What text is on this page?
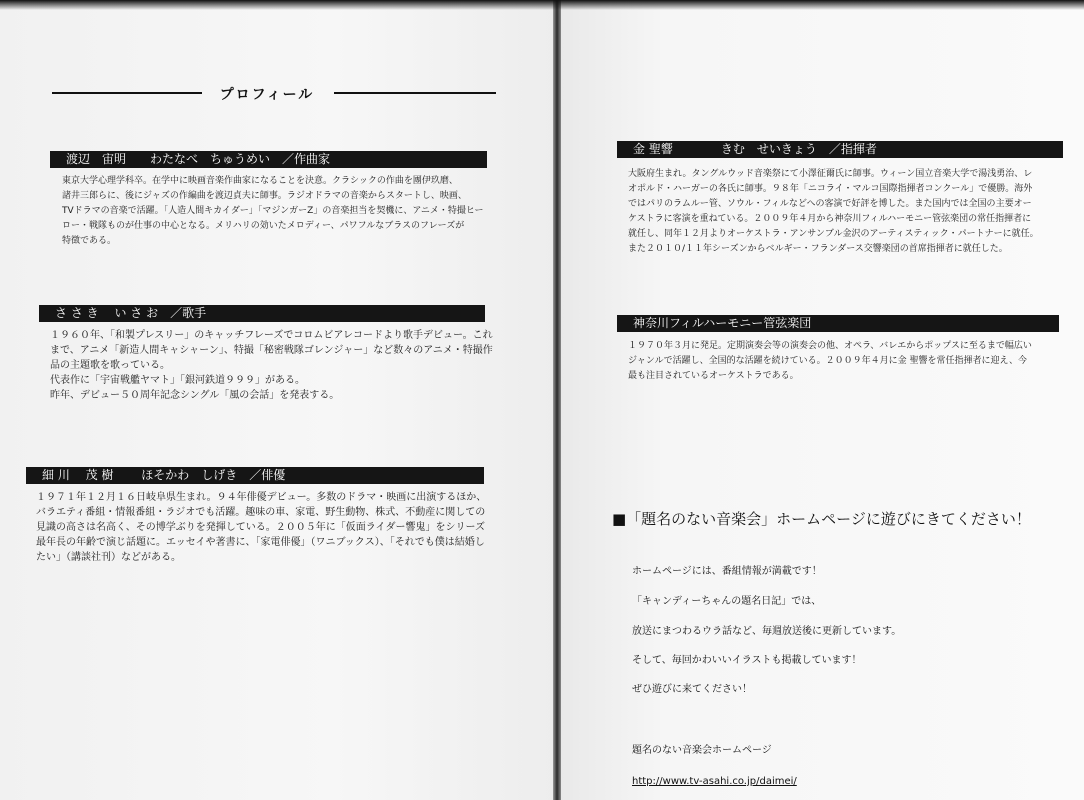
プロフィール
渡辺　宙明　　わたなべ　ちゅうめい　／作曲家
東京大学心理学科卒。在学中に映画音楽作曲家になることを決意。クラシックの作曲を團伊玖磨、
諸井三郎らに、後にジャズの作編曲を渡辺貞夫に師事。ラジオドラマの音楽からスタートし、映画、
TVドラマの音楽で活躍。「人造人間キカイダー」「マジンガーZ」の音楽担当を契機に、アニメ・特撮ヒー
ロー・戦隊ものが仕事の中心となる。メリハリの効いたメロディー、パワフルなブラスのフレーズが
特徴である。
さ さ き　 い さ お　／歌手
１９６０年、「和製プレスリー」のキャッチフレーズでコロムビアレコードより歌手デビュー。これ
まで、アニメ「新造人間キャシャーン」、特撮「秘密戦隊ゴレンジャー」など数々のアニメ・特撮作
品の主題歌を歌っている。
代表作に「宇宙戦艦ヤマト」「銀河鉄道９９９」がある。
昨年、デビュー５０周年記念シングル「風の会話」を発表する。
細 川　 茂 樹　　 ほそかわ　しげき　／俳優
１９７１年１２月１６日岐阜県生まれ。９４年俳優デビュー。多数のドラマ・映画に出演するほか、
バラエティ番組・情報番組・ラジオでも活躍。趣味の車、家電、野生動物、株式、不動産に関しての
見識の高さは名高く、その博学ぶりを発揮している。２００５年に「仮面ライダー響鬼」をシリーズ
最年長の年齢で演じ話題に。エッセイや著書に、「家電俳優」（ワニブックス）、「それでも僕は結婚し
たい」（講談社刊）などがある。
金 聖響　　　　きむ　せいきょう　／指揮者
大阪府生まれ。タングルウッド音楽祭にて小澤征爾氏に師事。ウィーン国立音楽大学で湯浅勇治、レ
オポルド・ハーガーの各氏に師事。９８年「ニコライ・マルコ国際指揮者コンクール」で優勝。海外
ではパリのラムルー管、ソウル・フィルなどへの客演で好評を博した。また国内では全国の主要オー
ケストラに客演を重ねている。２００９年４月から神奈川フィルハーモニー管弦楽団の常任指揮者に
就任し、同年１２月よりオーケストラ・アンサンブル金沢のアーティスティック・パートナーに就任。
また２０１０/１１年シーズンからベルギー・フランダース交響楽団の首席指揮者に就任した。
神奈川フィルハーモニー管弦楽団
１９７０年３月に発足。定期演奏会等の演奏会の他、オペラ、バレエからポップスに至るまで幅広い
ジャンルで活躍し、全国的な活躍を続けている。２００９年４月に金 聖響を常任指揮者に迎え、今
最も注目されているオーケストラである。
■「題名のない音楽会」ホームページに遊びにきてください！
ホームページには、番組情報が満載です！
「キャンディーちゃんの題名日記」では、
放送にまつわるウラ話など、毎週放送後に更新しています。
そして、毎回かわいいイラストも掲載しています！
ぜひ遊びに来てください！
題名のない音楽会ホームページ
http://www.tv-asahi.co.jp/daimei/
